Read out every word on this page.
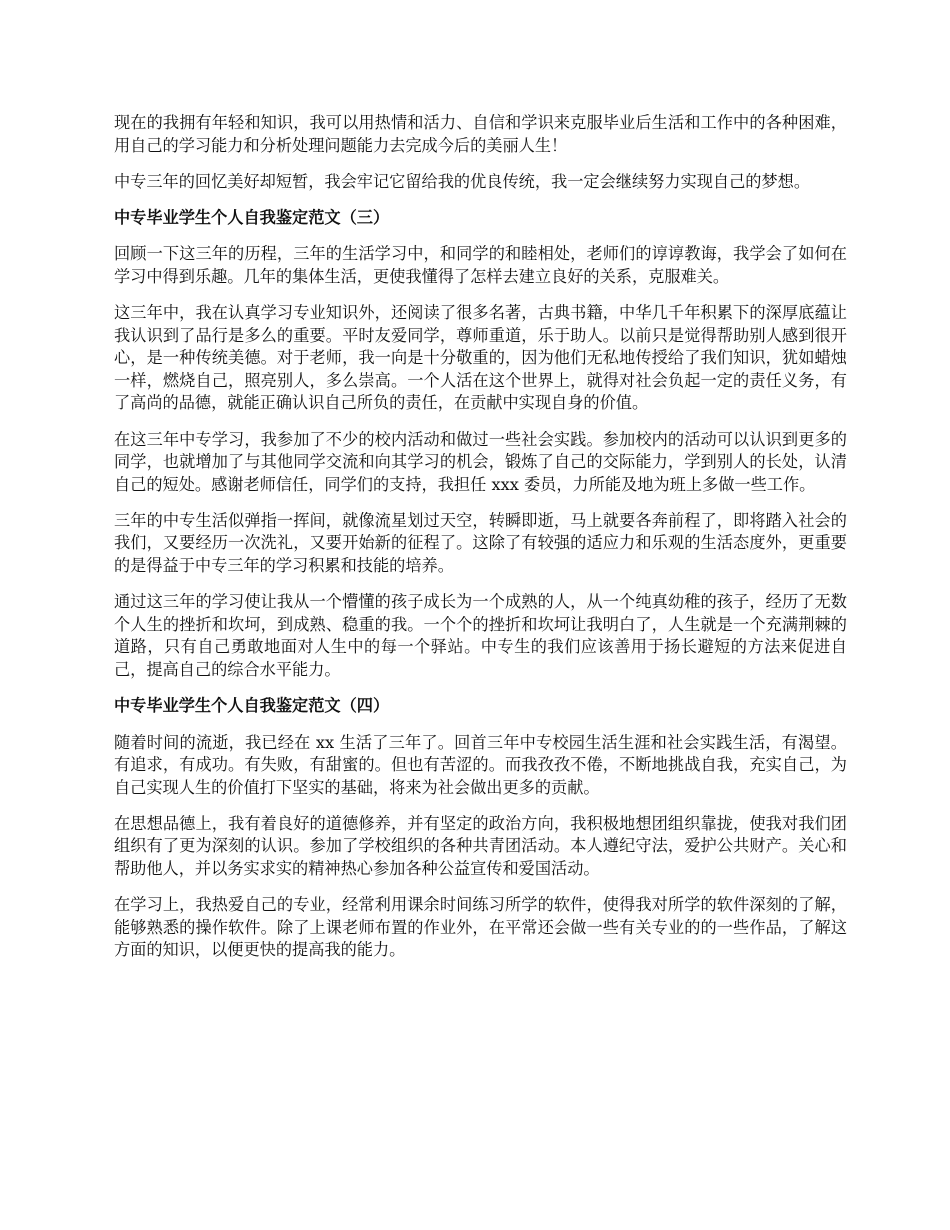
现在的我拥有年轻和知识，我可以用热情和活力、自信和学识来克服毕业后生活和工作中的各种困难，用自己的学习能力和分析处理问题能力去完成今后的美丽人生！

中专三年的回忆美好却短暂，我会牢记它留给我的优良传统，我一定会继续努力实现自己的梦想。

中专毕业学生个人自我鉴定范文（三）

回顾一下这三年的历程，三年的生活学习中，和同学的和睦相处，老师们的谆谆教诲，我学会了如何在学习中得到乐趣。几年的集体生活，更使我懂得了怎样去建立良好的关系，克服难关。

这三年中，我在认真学习专业知识外，还阅读了很多名著，古典书籍，中华几千年积累下的深厚底蕴让我认识到了品行是多么的重要。平时友爱同学，尊师重道，乐于助人。以前只是觉得帮助别人感到很开心，是一种传统美德。对于老师，我一向是十分敬重的，因为他们无私地传授给了我们知识，犹如蜡烛一样，燃烧自己，照亮别人，多么崇高。一个人活在这个世界上，就得对社会负起一定的责任义务，有了高尚的品德，就能正确认识自己所负的责任，在贡献中实现自身的价值。

在这三年中专学习，我参加了不少的校内活动和做过一些社会实践。参加校内的活动可以认识到更多的同学，也就增加了与其他同学交流和向其学习的机会，锻炼了自己的交际能力，学到别人的长处，认清自己的短处。感谢老师信任，同学们的支持，我担任 xxx 委员，力所能及地为班上多做一些工作。

三年的中专生活似弹指一挥间，就像流星划过天空，转瞬即逝，马上就要各奔前程了，即将踏入社会的我们，又要经历一次洗礼，又要开始新的征程了。这除了有较强的适应力和乐观的生活态度外，更重要的是得益于中专三年的学习积累和技能的培养。

通过这三年的学习使让我从一个懵懂的孩子成长为一个成熟的人，从一个纯真幼稚的孩子，经历了无数个人生的挫折和坎坷，到成熟、稳重的我。一个个的挫折和坎坷让我明白了，人生就是一个充满荆棘的道路，只有自己勇敢地面对人生中的每一个驿站。中专生的我们应该善用于扬长避短的方法来促进自己，提高自己的综合水平能力。

中专毕业学生个人自我鉴定范文（四）

随着时间的流逝，我已经在 xx 生活了三年了。回首三年中专校园生活生涯和社会实践生活，有渴望。有追求，有成功。有失败，有甜蜜的。但也有苦涩的。而我孜孜不倦，不断地挑战自我，充实自己，为自己实现人生的价值打下坚实的基础，将来为社会做出更多的贡献。

在思想品德上，我有着良好的道德修养，并有坚定的政治方向，我积极地想团组织靠拢，使我对我们团组织有了更为深刻的认识。参加了学校组织的各种共青团活动。本人遵纪守法，爱护公共财产。关心和帮助他人，并以务实求实的精神热心参加各种公益宣传和爱国活动。

在学习上，我热爱自己的专业，经常利用课余时间练习所学的软件，使得我对所学的软件深刻的了解，能够熟悉的操作软件。除了上课老师布置的作业外，在平常还会做一些有关专业的的一些作品，了解这方面的知识，以便更快的提高我的能力。
